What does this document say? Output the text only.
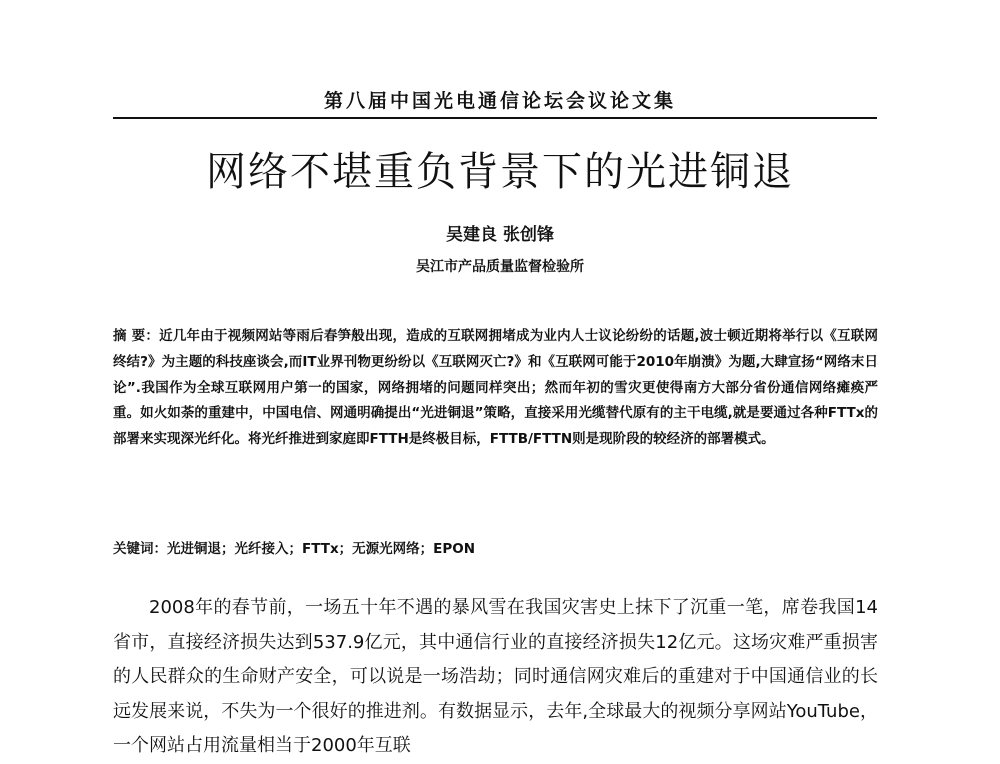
第八届中国光电通信论坛会议论文集
网络不堪重负背景下的光进铜退
吴建良 张创锋
吴江市产品质量监督检验所
摘 要：近几年由于视频网站等雨后春笋般出现，造成的互联网拥堵成为业内人士议论纷纷的话题,波士顿近期将举行以《互联网终结?》为主题的科技座谈会,而IT业界刊物更纷纷以《互联网灭亡?》和《互联网可能于2010年崩溃》为题,大肆宣扬“网络末日论”.我国作为全球互联网用户第一的国家，网络拥堵的问题同样突出；然而年初的雪灾更使得南方大部分省份通信网络瘫痪严重。如火如荼的重建中，中国电信、网通明确提出“光进铜退”策略，直接采用光缆替代原有的主干电缆,就是要通过各种FTTx的部署来实现深光纤化。将光纤推进到家庭即FTTH是终极目标，FTTB/FTTN则是现阶段的较经济的部署模式。
关键词：光进铜退；光纤接入；FTTx；无源光网络；EPON
2008年的春节前，一场五十年不遇的暴风雪在我国灾害史上抹下了沉重一笔，席卷我国14省市，直接经济损失达到537.9亿元，其中通信行业的直接经济损失12亿元。这场灾难严重损害的人民群众的生命财产安全，可以说是一场浩劫；同时通信网灾难后的重建对于中国通信业的长远发展来说，不失为一个很好的推进剂。有数据显示，去年,全球最大的视频分享网站YouTube，一个网站占用流量相当于2000年互联
